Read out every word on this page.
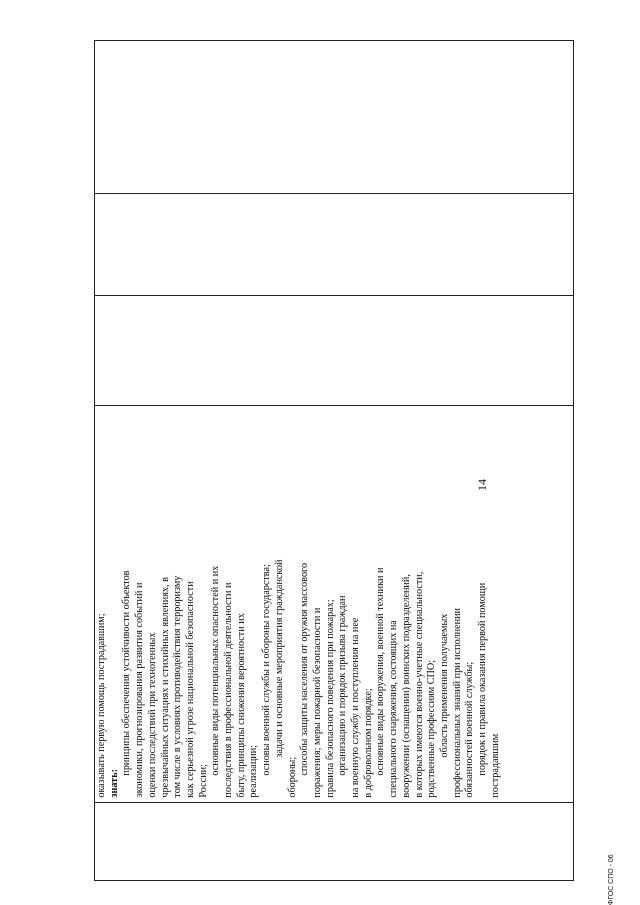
оказывать первую помощь пострадавшим; знать:

принципы обеспечения устойчивости объектов экономики, прогнозирования развития событий и оценки последствий при техногенных чрезвычайных ситуациях и стихийных явлениях, в том числе в условиях противодействия терроризму как серьезной угрозе национальной безопасности России;

основные виды потенциальных опасностей и их последствия в профессиональной деятельности и быту, принципы снижения вероятности их реализации; основы военной службы и обороны государства; задачи и основные мероприятия гражданской

обороны;

способы защиты населения от оружия массового поражения; меры пожарной безопасности и правила безопасного поведения при пожарах; организацию и порядок призыва граждан на военную службу и поступления на нее в добровольном порядке; основные виды вооружения, военной техники и специального снаряжения, состоящих на вооружении (оснащении) воинских подразделений, в которых имеются военно-учетные специальности, родственные профессиям СПО; область применения получаемых профессиональных знаний при исполнении обязанностей военной службы; порядок и правила оказания первой помощи пострадавшим

14
ФГОС СПО - 06
